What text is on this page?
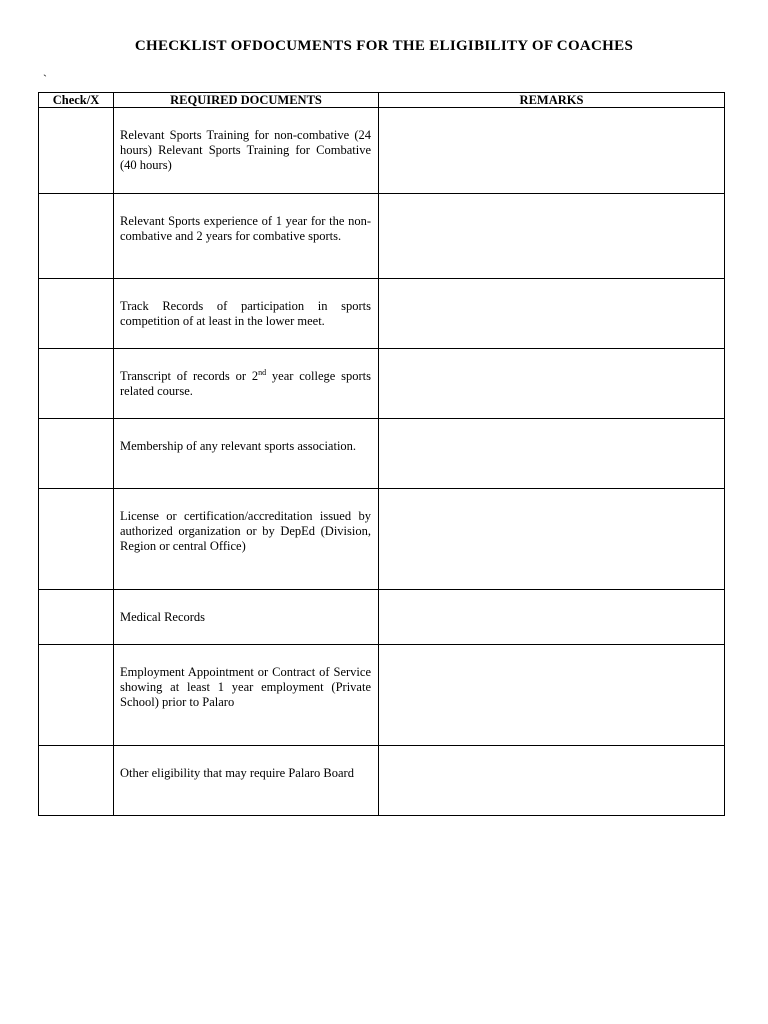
CHECKLIST OFDOCUMENTS FOR THE ELIGIBILITY OF COACHES
`
Check/X	REQUIRED DOCUMENTS	REMARKS

	Relevant Sports Training for non-combative (24 hours) Relevant Sports Training for Combative (40 hours)	

	Relevant Sports experience of 1 year for the non-combative and 2 years for combative sports.	

	Track Records of participation in sports competition of at least in the lower meet.	

	Transcript of records or 2nd year college sports related course.	

	Membership of any relevant sports association.	

	License or certification/accreditation issued by authorized organization or by DepEd (Division, Region or central Office)	

	Medical Records	

	Employment Appointment or Contract of Service showing at least 1 year employment (Private School) prior to Palaro	

	Other eligibility that may require Palaro Board	
